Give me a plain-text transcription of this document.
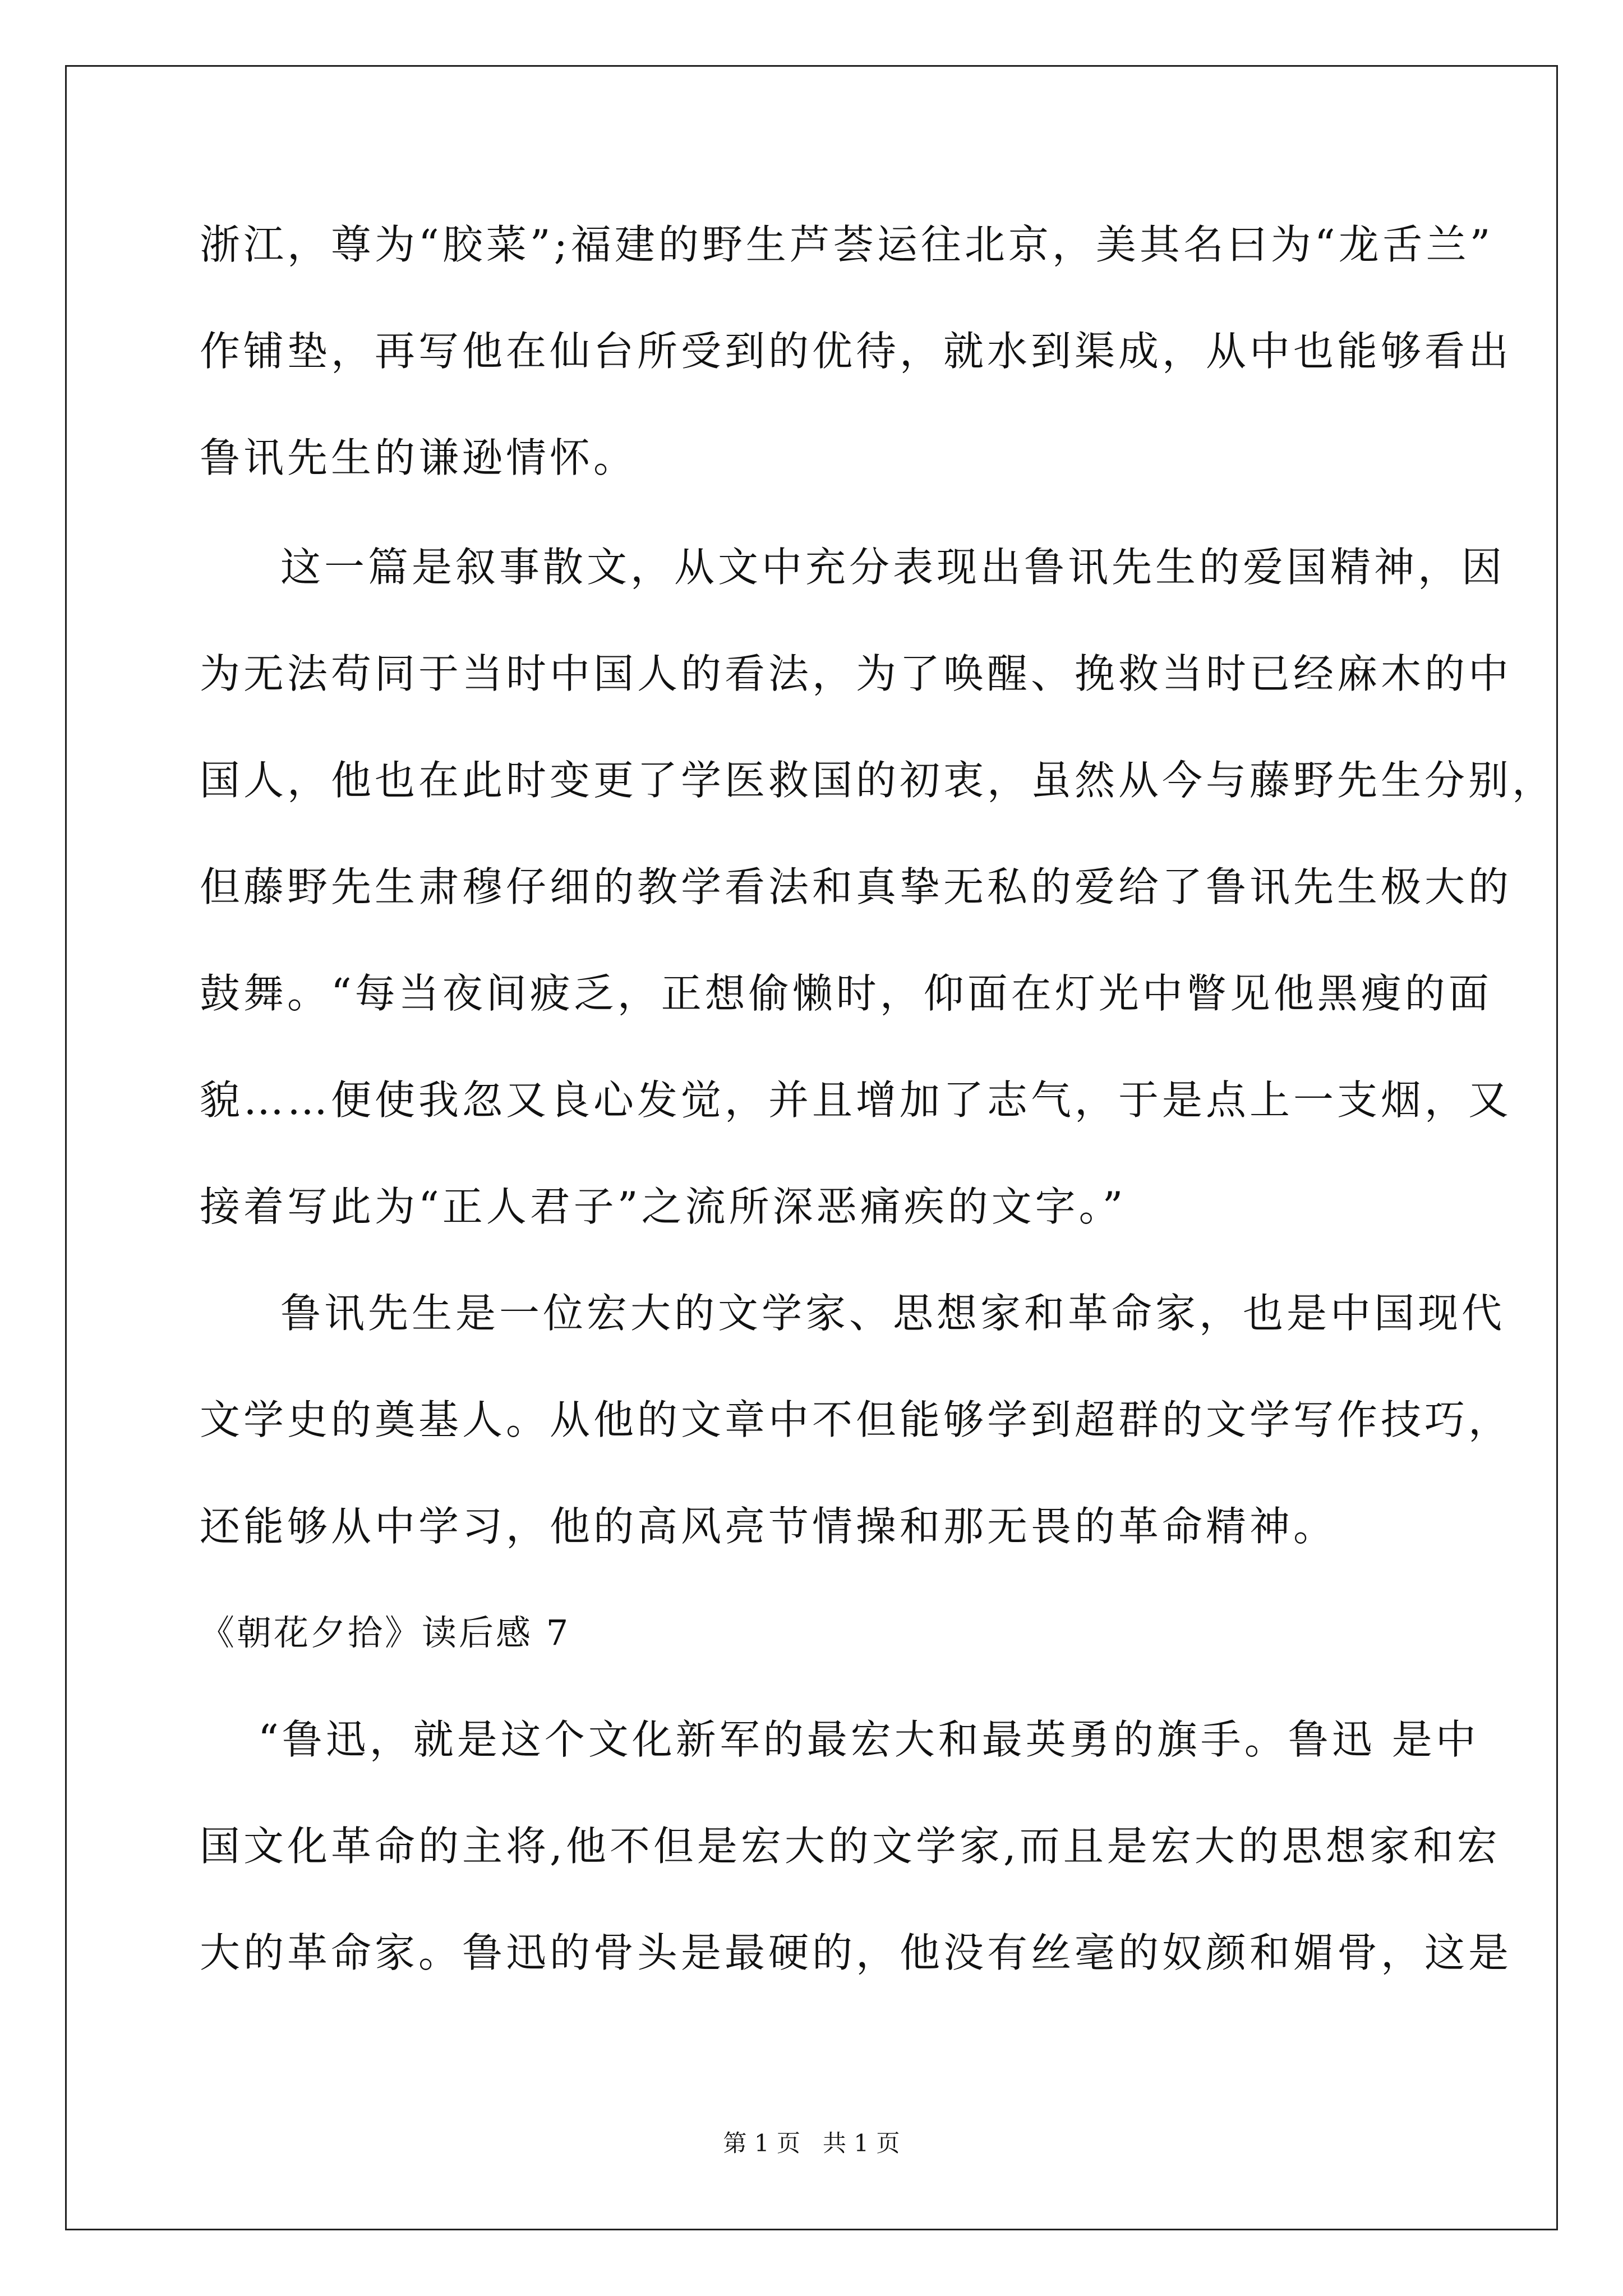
浙江，尊为“胶菜”;福建的野生芦荟运往北京，美其名曰为“龙舌兰”
作铺垫，再写他在仙台所受到的优待，就水到渠成，从中也能够看出
鲁讯先生的谦逊情怀。
这一篇是叙事散文，从文中充分表现出鲁讯先生的爱国精神，因
为无法苟同于当时中国人的看法，为了唤醒、挽救当时已经麻木的中
国人，他也在此时变更了学医救国的初衷，虽然从今与藤野先生分别，
但藤野先生肃穆仔细的教学看法和真挚无私的爱给了鲁讯先生极大的
鼓舞。“每当夜间疲乏，正想偷懒时，仰面在灯光中瞥见他黑瘦的面
貌……便使我忽又良心发觉，并且增加了志气，于是点上一支烟，又
接着写此为“正人君子”之流所深恶痛疾的文字。”
鲁讯先生是一位宏大的文学家、思想家和革命家，也是中国现代
文学史的奠基人。从他的文章中不但能够学到超群的文学写作技巧，
还能够从中学习，他的高风亮节情操和那无畏的革命精神。
《朝花夕拾》读后感 7
“鲁迅，就是这个文化新军的最宏大和最英勇的旗手。鲁迅 是中
国文化革命的主将,他不但是宏大的文学家,而且是宏大的思想家和宏
大的革命家。鲁迅的骨头是最硬的，他没有丝毫的奴颜和媚骨，这是
第 1 页   共 1 页
